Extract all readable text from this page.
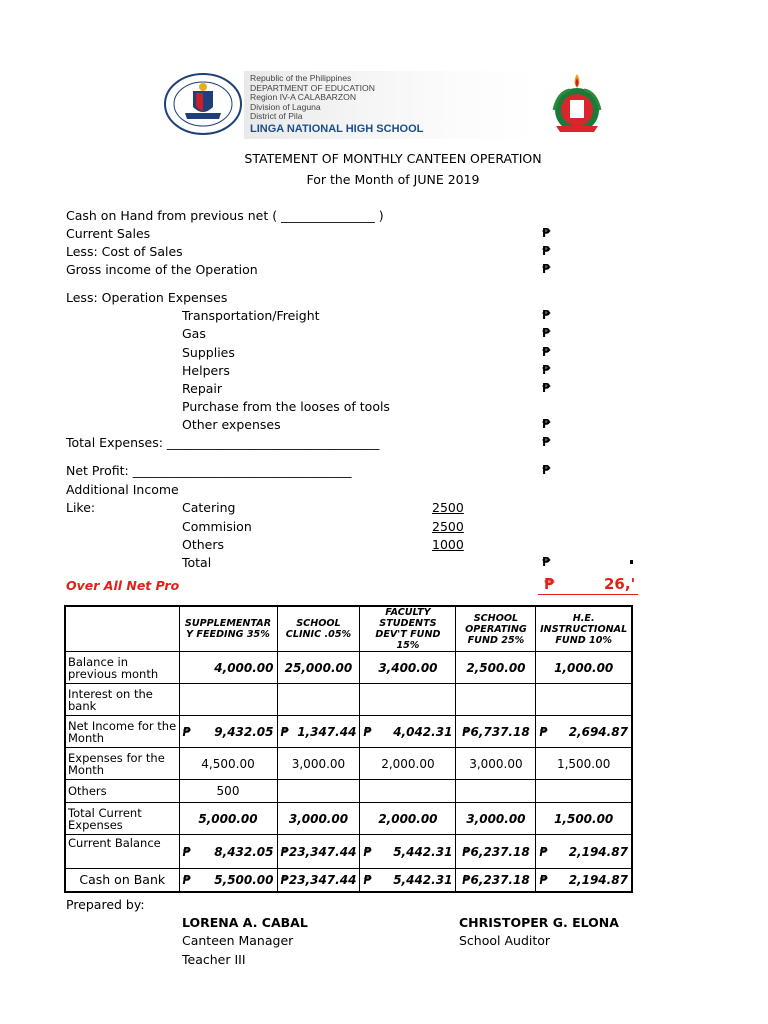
Republic of the Philippines
DEPARTMENT OF EDUCATION
Region IV-A CALABARZON
Division of Laguna
District of Pila
LINGA NATIONAL HIGH SCHOOL
STATEMENT OF MONTHLY CANTEEN OPERATION
For the Month of JUNE 2019
Cash on Hand from previous net ( _______________ )
Current Sales	₱
Less: Cost of Sales	₱
Gross income of the Operation	₱
Less: Operation Expenses
Transportation/Freight	₱
Gas	₱
Supplies	₱
Helpers	₱
Repair	₱
Purchase from the looses of tools
Other expenses	₱
Total Expenses: __________________________________	₱
Net Profit: ___________________________________	₱
Additional Income
Like:	Catering	2500
Commision	2500
Others	1000
Total	₱
Over All Net Pro	₱	26,'
	SUPPLEMENTAR Y FEEDING 35%	SCHOOL CLINIC .05%	FACULTY STUDENTS DEV'T FUND 15%	SCHOOL OPERATING FUND 25%	H.E. INSTRUCTIONAL FUND 10%
Balance in previous month	4,000.00	25,000.00	3,400.00	2,500.00	1,000.00
Interest on the bank					
Net Income for the Month	₱ 9,432.05	₱ 1,347.44	₱ 4,042.31	₱6,737.18	₱ 2,694.87

Expenses for the Month	4,500.00	3,000.00	2,000.00	3,000.00	1,500.00
Others	500				
Total Current Expenses	5,000.00	3,000.00	2,000.00	3,000.00	1,500.00
Current Balance	₱ 8,432.05	₱23,347.44	₱ 5,442.31	₱6,237.18	₱ 2,194.87

Cash on Bank	₱ 5,500.00	₱23,347.44	₱ 5,442.31	₱6,237.18	₱ 2,194.87
Prepared by:
LORENA A. CABAL
Canteen Manager
Teacher III
CHRISTOPER G. ELONA
School Auditor
